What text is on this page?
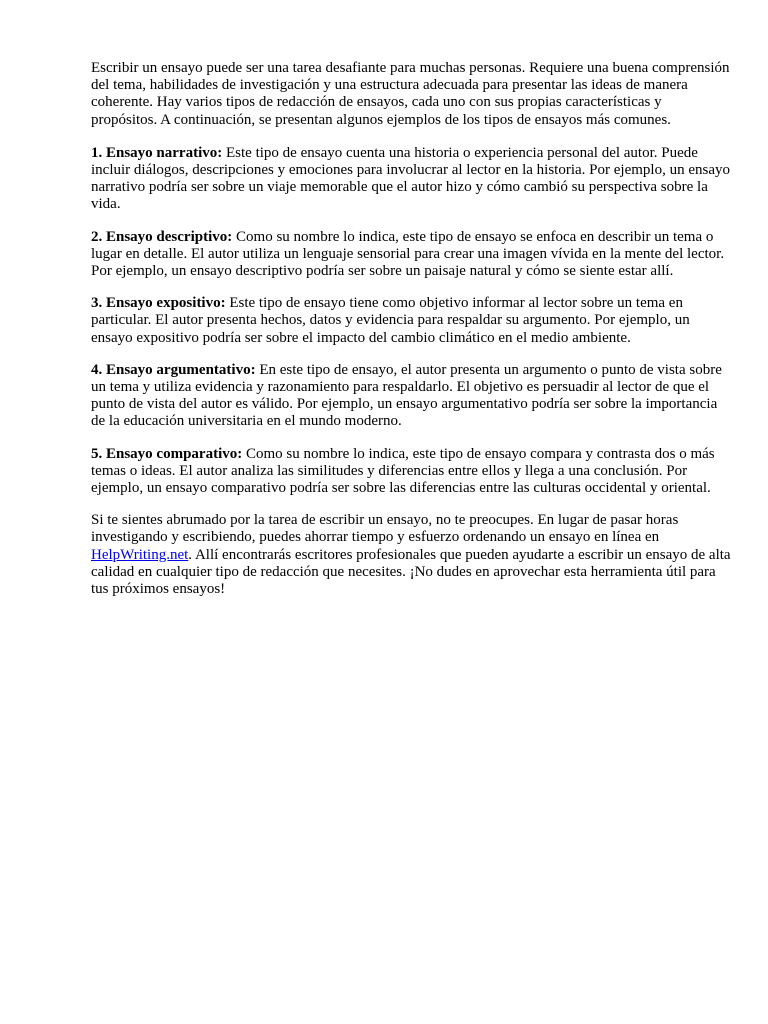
Escribir un ensayo puede ser una tarea desafiante para muchas personas. Requiere una buena comprensión del tema, habilidades de investigación y una estructura adecuada para presentar las ideas de manera coherente. Hay varios tipos de redacción de ensayos, cada uno con sus propias características y propósitos. A continuación, se presentan algunos ejemplos de los tipos de ensayos más comunes.

1. Ensayo narrativo: Este tipo de ensayo cuenta una historia o experiencia personal del autor. Puede incluir diálogos, descripciones y emociones para involucrar al lector en la historia. Por ejemplo, un ensayo narrativo podría ser sobre un viaje memorable que el autor hizo y cómo cambió su perspectiva sobre la vida.

2. Ensayo descriptivo: Como su nombre lo indica, este tipo de ensayo se enfoca en describir un tema o lugar en detalle. El autor utiliza un lenguaje sensorial para crear una imagen vívida en la mente del lector. Por ejemplo, un ensayo descriptivo podría ser sobre un paisaje natural y cómo se siente estar allí.

3. Ensayo expositivo: Este tipo de ensayo tiene como objetivo informar al lector sobre un tema en particular. El autor presenta hechos, datos y evidencia para respaldar su argumento. Por ejemplo, un ensayo expositivo podría ser sobre el impacto del cambio climático en el medio ambiente.

4. Ensayo argumentativo: En este tipo de ensayo, el autor presenta un argumento o punto de vista sobre un tema y utiliza evidencia y razonamiento para respaldarlo. El objetivo es persuadir al lector de que el punto de vista del autor es válido. Por ejemplo, un ensayo argumentativo podría ser sobre la importancia de la educación universitaria en el mundo moderno.

5. Ensayo comparativo: Como su nombre lo indica, este tipo de ensayo compara y contrasta dos o más temas o ideas. El autor analiza las similitudes y diferencias entre ellos y llega a una conclusión. Por ejemplo, un ensayo comparativo podría ser sobre las diferencias entre las culturas occidental y oriental.

Si te sientes abrumado por la tarea de escribir un ensayo, no te preocupes. En lugar de pasar horas investigando y escribiendo, puedes ahorrar tiempo y esfuerzo ordenando un ensayo en línea en HelpWriting.net. Allí encontrarás escritores profesionales que pueden ayudarte a escribir un ensayo de alta calidad en cualquier tipo de redacción que necesites. ¡No dudes en aprovechar esta herramienta útil para tus próximos ensayos!
